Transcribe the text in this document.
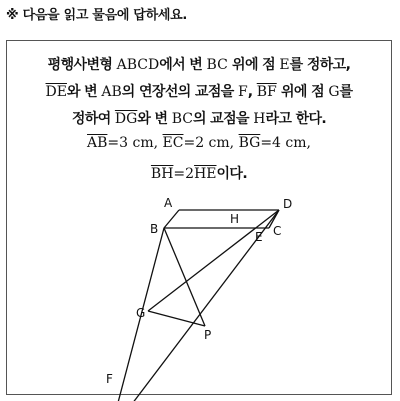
※ 다음을 읽고 물음에 답하세요.
평행사변형 ABCD에서 변 BC 위에 점 E를 정하고,
$\overline{DE}$와 변 AB의 연장선의 교점을 F, $\overline{BF}$ 위에 점 G를
정하여 $\overline{DG}$와 변 BC의 교점을 H라고 한다.
$\overline{AB}=3$ cm, $\overline{EC}=2$ cm, $\overline{BG}=4$ cm,
$\overline{BH}=2\overline{HE}$이다.
A	D
B
H
E C
G
P
F
